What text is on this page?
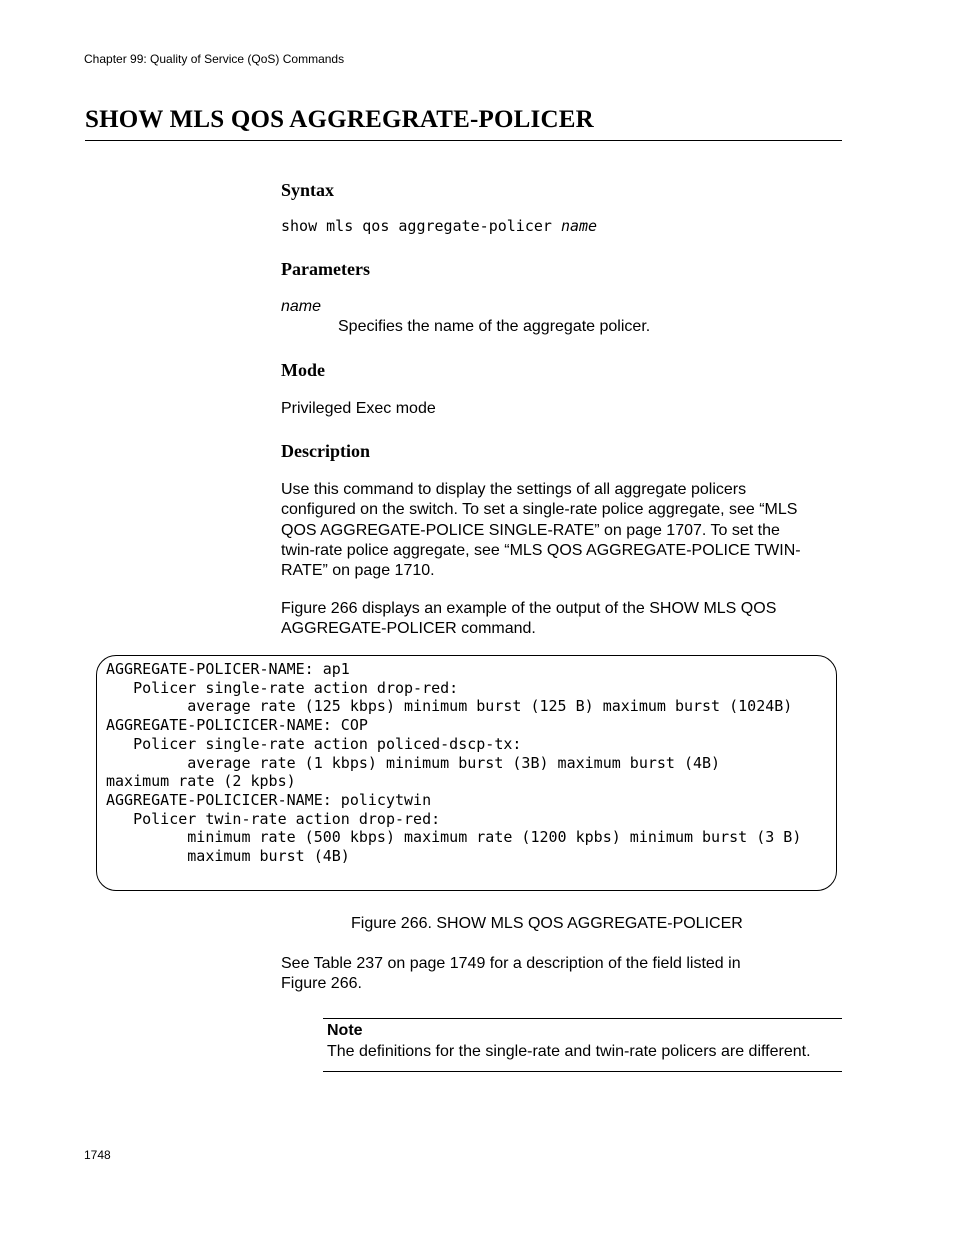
Chapter 99: Quality of Service (QoS) Commands
SHOW MLS QOS AGGREGRATE-POLICER
Syntax
show mls qos aggregate-policer name
Parameters
name
Specifies the name of the aggregate policer.
Mode
Privileged Exec mode
Description
Use this command to display the settings of all aggregate policers
configured on the switch. To set a single-rate police aggregate, see “MLS
QOS AGGREGATE-POLICE SINGLE-RATE” on page 1707. To set the
twin-rate police aggregate, see “MLS QOS AGGREGATE-POLICE TWIN-
RATE” on page 1710.
Figure 266 displays an example of the output of the SHOW MLS QOS
AGGREGATE-POLICER command.
AGGREGATE-POLICER-NAME: ap1
Policer single-rate action drop-red:
average rate (125 kbps) minimum burst (125 B) maximum burst (1024B)
AGGREGATE-POLICICER-NAME: COP
Policer single-rate action policed-dscp-tx:
average rate (1 kbps) minimum burst (3B) maximum burst (4B)
maximum rate (2 kpbs)
AGGREGATE-POLICICER-NAME: policytwin
Policer twin-rate action drop-red:
minimum rate (500 kbps) maximum rate (1200 kpbs) minimum burst (3 B)
maximum burst (4B)
Figure 266. SHOW MLS QOS AGGREGATE-POLICER
See Table 237 on page 1749 for a description of the field listed in
Figure 266.
Note
The definitions for the single-rate and twin-rate policers are different.
1748
